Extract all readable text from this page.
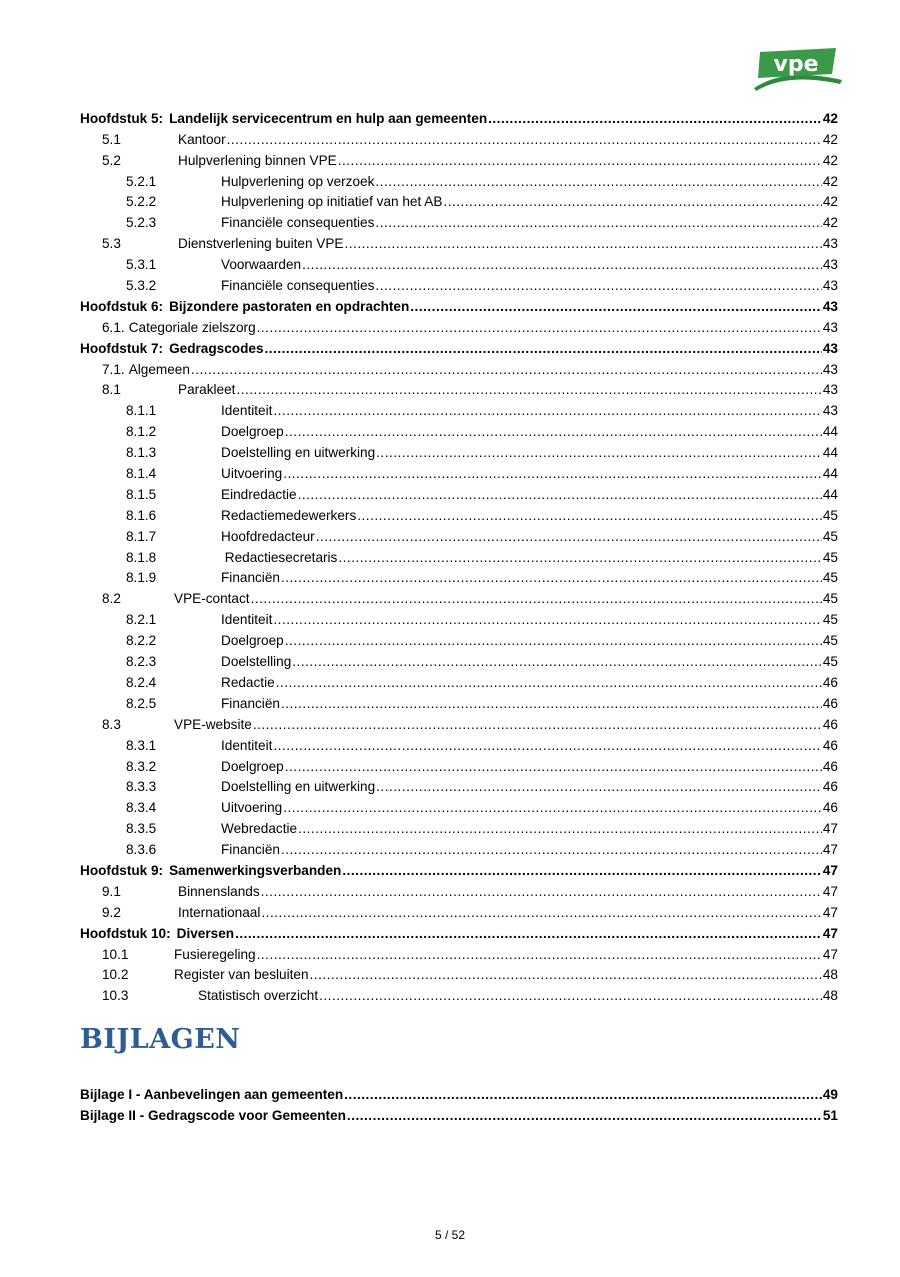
vpe
Hoofdstuk 5: Landelijk servicecentrum en hulp aan gemeenten .....	42
5.1	Kantoor .....	42
5.2	Hulpverlening binnen VPE .....	42
5.2.1	Hulpverlening op verzoek .....	42
5.2.2	Hulpverlening op initiatief van het AB .....	42
5.2.3	Financiële consequenties .....	42
5.3	Dienstverlening buiten VPE .....	43
5.3.1	Voorwaarden .....	43
5.3.2	Financiële consequenties .....	43
Hoofdstuk 6: Bijzondere pastoraten en opdrachten .....	43
6.1. Categoriale zielszorg .....	43
Hoofdstuk 7: Gedragscodes .....	43
7.1. Algemeen .....	43
8.1	Parakleet .....	43
8.1.1	Identiteit .....	43
8.1.2	Doelgroep .....	44
8.1.3	Doelstelling en uitwerking .....	44
8.1.4	Uitvoering .....	44
8.1.5	Eindredactie .....	44
8.1.6	Redactiemedewerkers .....	45
8.1.7	Hoofdredacteur .....	45
8.1.8	Redactiesecretaris .....	45
8.1.9	Financiën .....	45
8.2	VPE-contact .....	45
8.2.1	Identiteit .....	45
8.2.2	Doelgroep .....	45
8.2.3	Doelstelling .....	45
8.2.4	Redactie .....	46
8.2.5	Financiën .....	46
8.3	VPE-website .....	46
8.3.1	Identiteit .....	46
8.3.2	Doelgroep .....	46
8.3.3	Doelstelling en uitwerking .....	46
8.3.4	Uitvoering .....	46
8.3.5	Webredactie .....	47
8.3.6	Financiën .....	47
Hoofdstuk 9: Samenwerkingsverbanden .....	47
9.1	Binnenslands .....	47
9.2	Internationaal .....	47
Hoofdstuk 10: Diversen .....	47
10.1	Fusieregeling .....	47
10.2	Register van besluiten .....	48
10.3	Statistisch overzicht .....	48
BIJLAGEN
Bijlage I - Aanbevelingen aan gemeenten .....	49
Bijlage II - Gedragscode voor Gemeenten .....	51
5 / 52
